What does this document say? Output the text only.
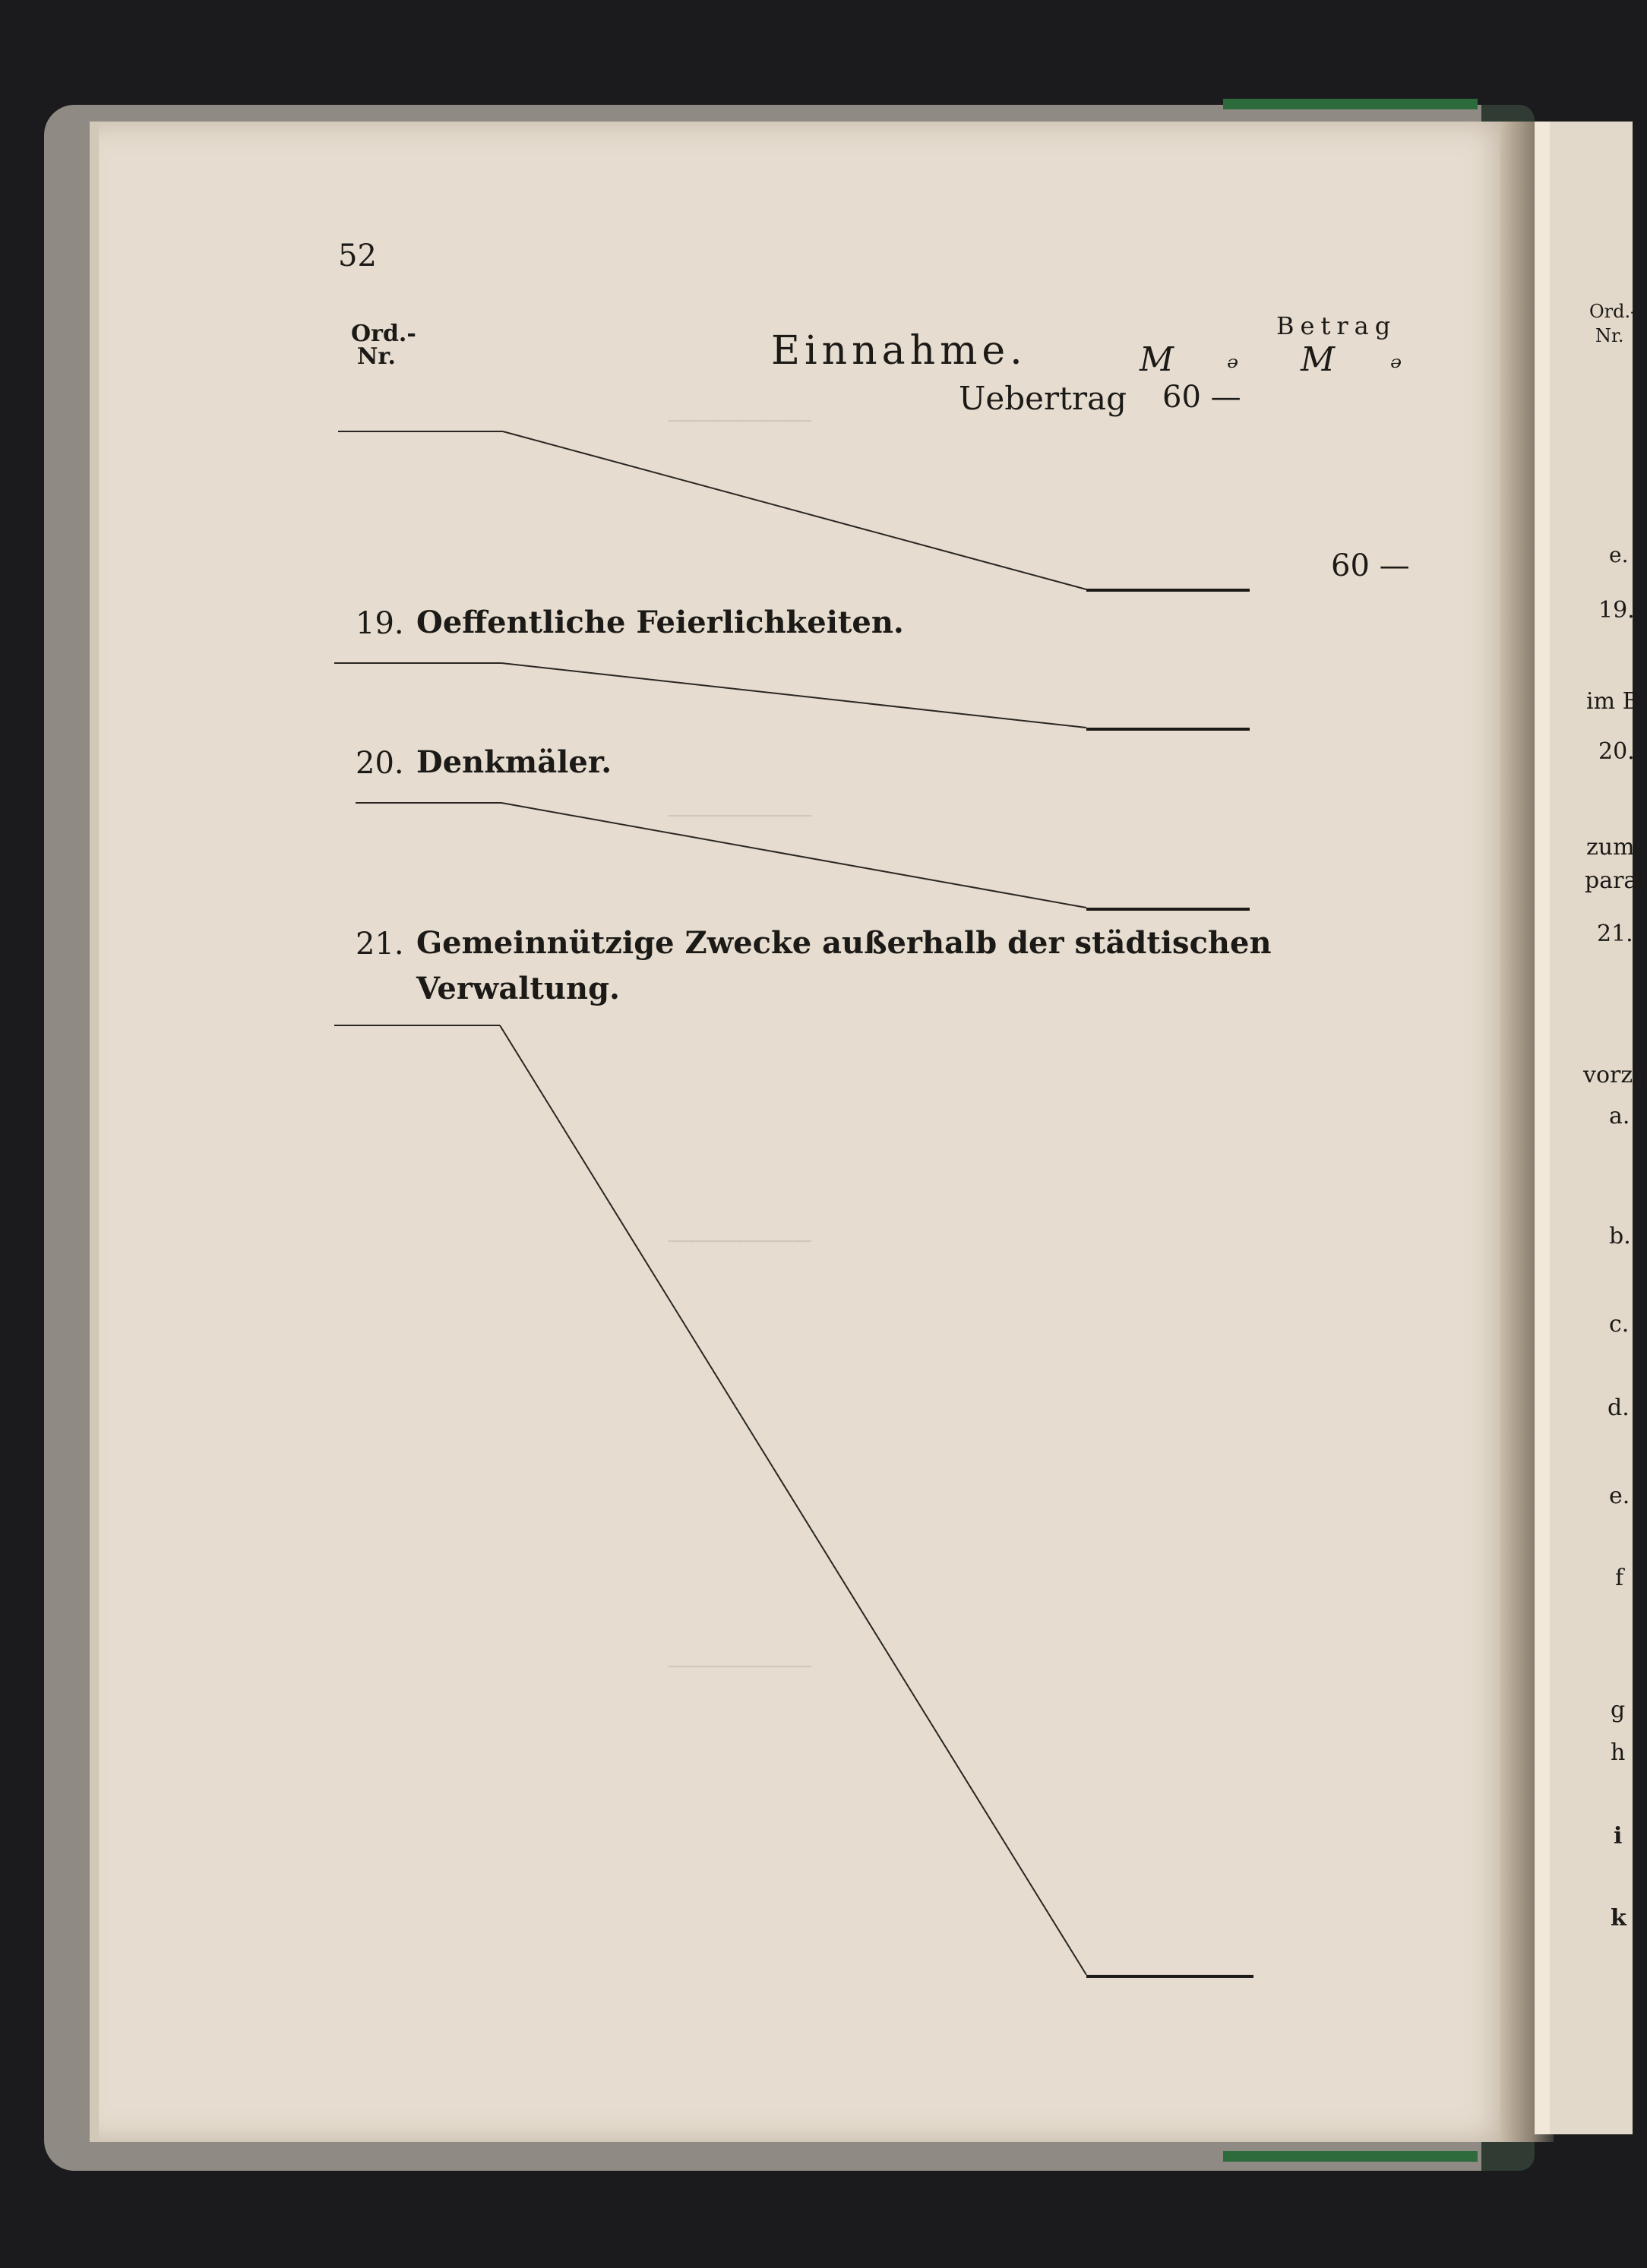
────────────
────────────
────────────
────────────
52
Ord.-
Nr.	Einnahme.
Betrag
M ₔ M ₔ
Uebertrag 60 —
60 —
19. Oeffentliche Feierlichkeiten.
20. Denkmäler.
21. Gemeinnützige Zwecke außerhalb der städtischen
Verwaltung.
Ord.-
Nr.
e.
19.
im B
20.
zum
parat
21.
vorzu
a.
b.
c.
d.
e.
f
g
h
i
k
